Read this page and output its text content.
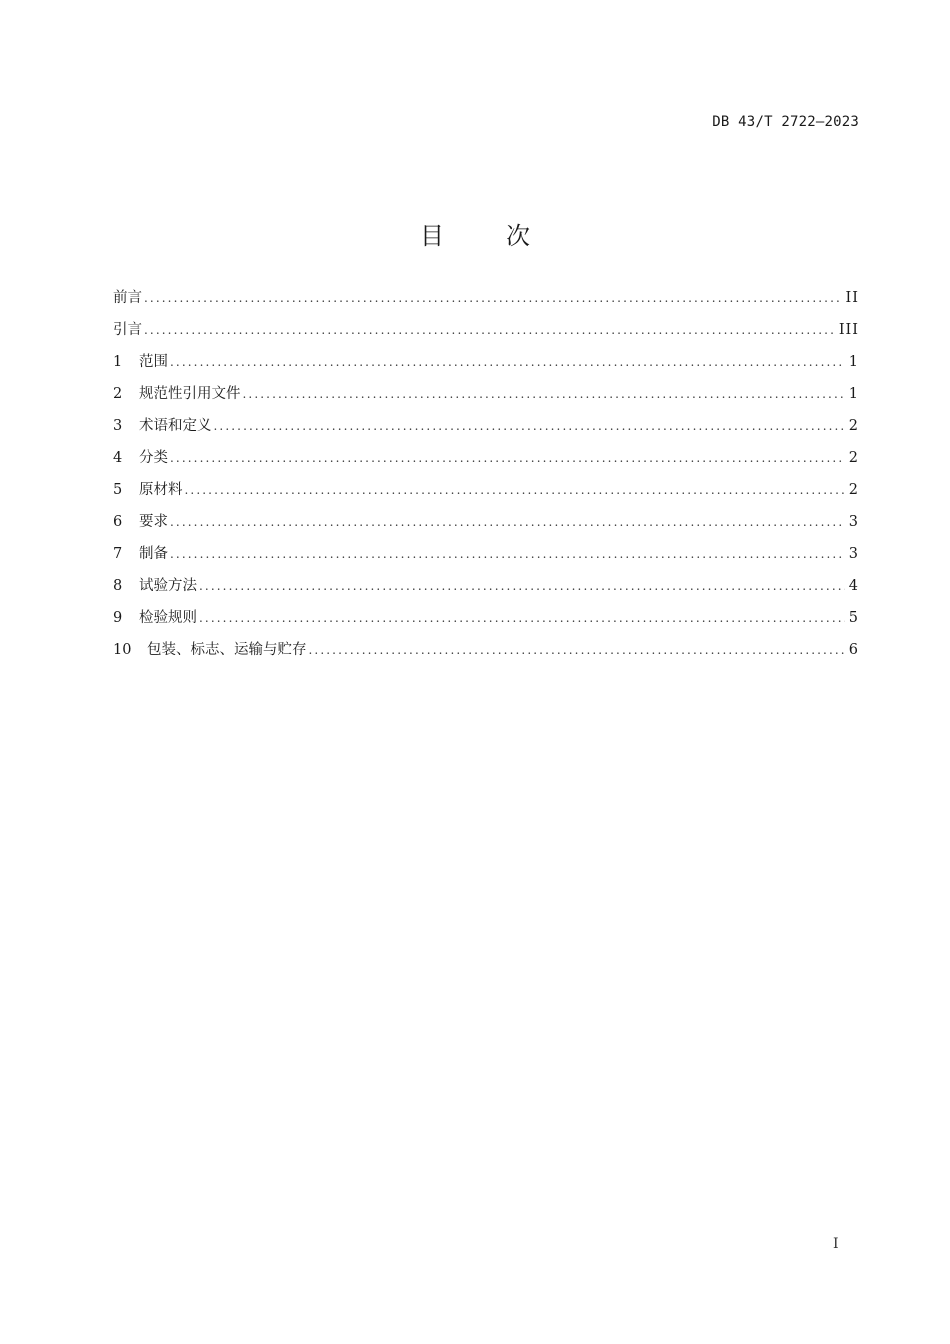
DB 43/T 2722—2023
目	次
前言 .....	II
引言 .....	III
1	范围 .....	1
2	规范性引用文件 .....	1
3	术语和定义 .....	2
4	分类 .....	2
5	原材料 .....	2
6	要求 .....	3
7	制备 .....	3
8	试验方法 .....	4
9	检验规则 .....	5
10	包装、标志、运输与贮存 .....	6
I
